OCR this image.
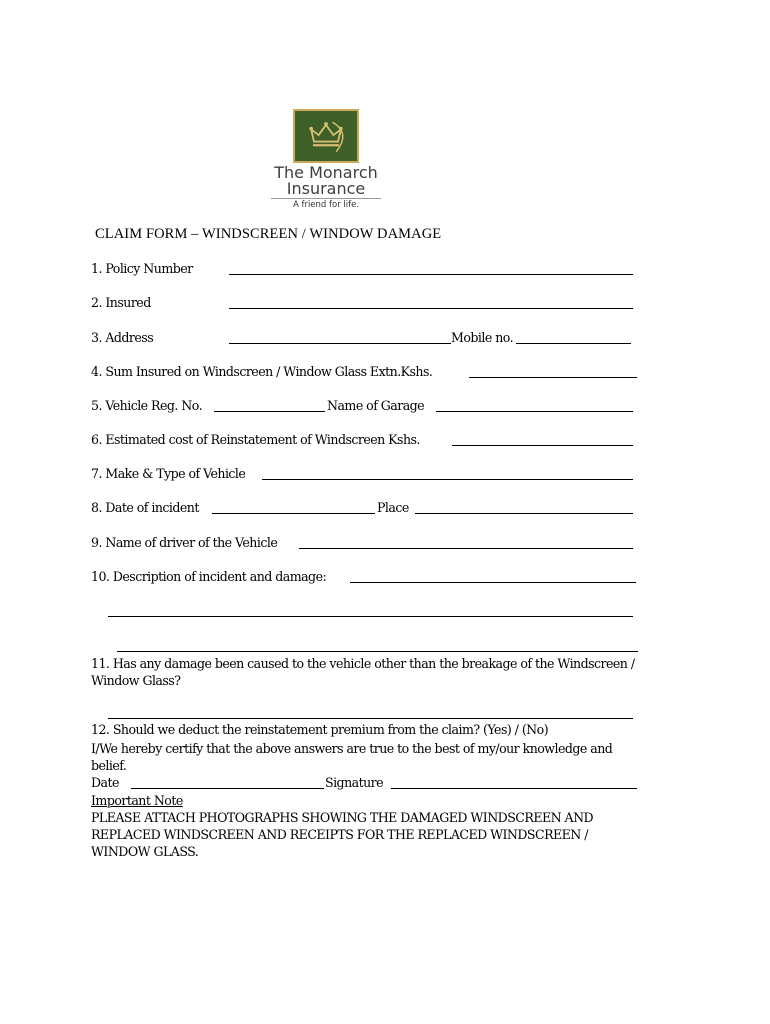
The Monarch
Insurance
A friend for life.
CLAIM FORM – WINDSCREEN / WINDOW DAMAGE
1. Policy Number
2. Insured
3. Address	Mobile no.
4. Sum Insured on Windscreen / Window Glass Extn.Kshs.
5. Vehicle Reg. No.	Name of Garage
6. Estimated cost of Reinstatement of Windscreen Kshs.
7. Make & Type of Vehicle
8. Date of incident	Place
9. Name of driver of the Vehicle
10. Description of incident and damage:
11. Has any damage been caused to the vehicle other than the breakage of the Windscreen /
Window Glass?
12. Should we deduct the reinstatement premium from the claim? (Yes) / (No)
I/We hereby certify that the above answers are true to the best of my/our knowledge and
belief.
Date	Signature
Important Note
PLEASE ATTACH PHOTOGRAPHS SHOWING THE DAMAGED WINDSCREEN AND
REPLACED WINDSCREEN AND RECEIPTS FOR THE REPLACED WINDSCREEN /
WINDOW GLASS.
